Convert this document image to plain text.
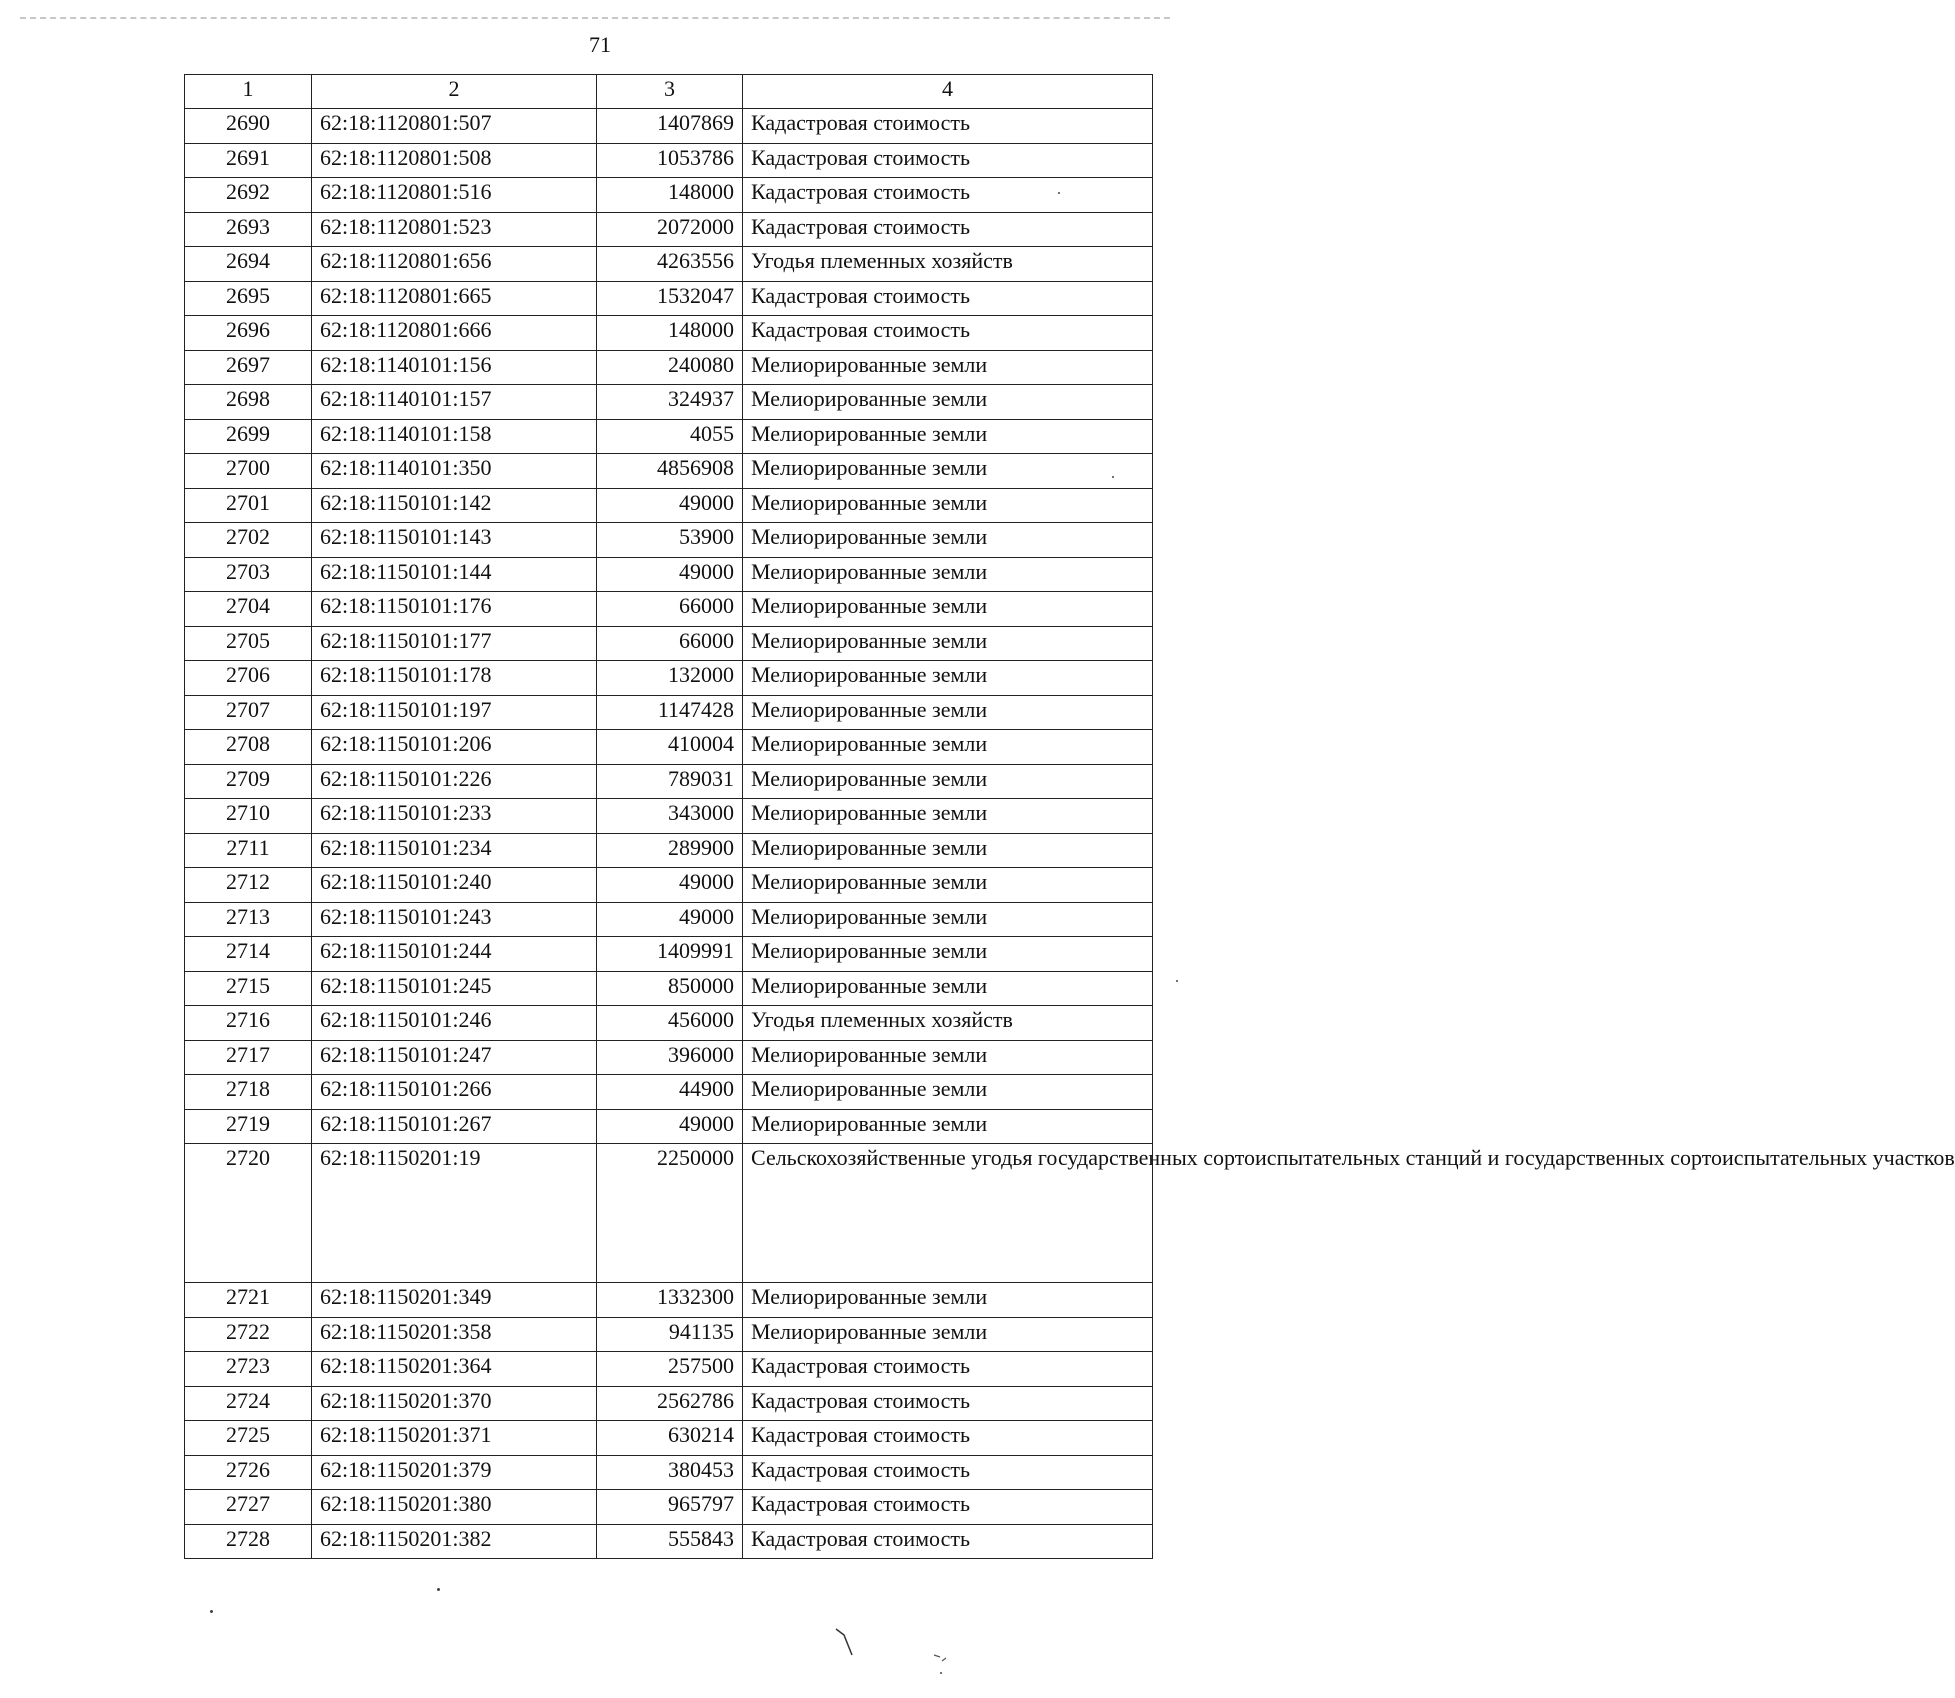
71
1	2	3	4
2690	62:18:1120801:507	1407869	Кадастровая стоимость
2691	62:18:1120801:508	1053786	Кадастровая стоимость
2692	62:18:1120801:516	148000	Кадастровая стоимость
2693	62:18:1120801:523	2072000	Кадастровая стоимость
2694	62:18:1120801:656	4263556	Угодья племенных хозяйств
2695	62:18:1120801:665	1532047	Кадастровая стоимость
2696	62:18:1120801:666	148000	Кадастровая стоимость
2697	62:18:1140101:156	240080	Мелиорированные земли
2698	62:18:1140101:157	324937	Мелиорированные земли
2699	62:18:1140101:158	4055	Мелиорированные земли
2700	62:18:1140101:350	4856908	Мелиорированные земли
2701	62:18:1150101:142	49000	Мелиорированные земли
2702	62:18:1150101:143	53900	Мелиорированные земли
2703	62:18:1150101:144	49000	Мелиорированные земли
2704	62:18:1150101:176	66000	Мелиорированные земли
2705	62:18:1150101:177	66000	Мелиорированные земли
2706	62:18:1150101:178	132000	Мелиорированные земли
2707	62:18:1150101:197	1147428	Мелиорированные земли
2708	62:18:1150101:206	410004	Мелиорированные земли
2709	62:18:1150101:226	789031	Мелиорированные земли
2710	62:18:1150101:233	343000	Мелиорированные земли
2711	62:18:1150101:234	289900	Мелиорированные земли
2712	62:18:1150101:240	49000	Мелиорированные земли
2713	62:18:1150101:243	49000	Мелиорированные земли
2714	62:18:1150101:244	1409991	Мелиорированные земли
2715	62:18:1150101:245	850000	Мелиорированные земли
2716	62:18:1150101:246	456000	Угодья племенных хозяйств
2717	62:18:1150101:247	396000	Мелиорированные земли
2718	62:18:1150101:266	44900	Мелиорированные земли
2719	62:18:1150101:267	49000	Мелиорированные земли
2720	62:18:1150201:19	2250000	Сельскохозяйственные угодья государственных сортоиспытательных станций и государственных сортоиспытательных участков
2721	62:18:1150201:349	1332300	Мелиорированные земли
2722	62:18:1150201:358	941135	Мелиорированные земли
2723	62:18:1150201:364	257500	Кадастровая стоимость
2724	62:18:1150201:370	2562786	Кадастровая стоимость
2725	62:18:1150201:371	630214	Кадастровая стоимость
2726	62:18:1150201:379	380453	Кадастровая стоимость
2727	62:18:1150201:380	965797	Кадастровая стоимость
2728	62:18:1150201:382	555843	Кадастровая стоимость
